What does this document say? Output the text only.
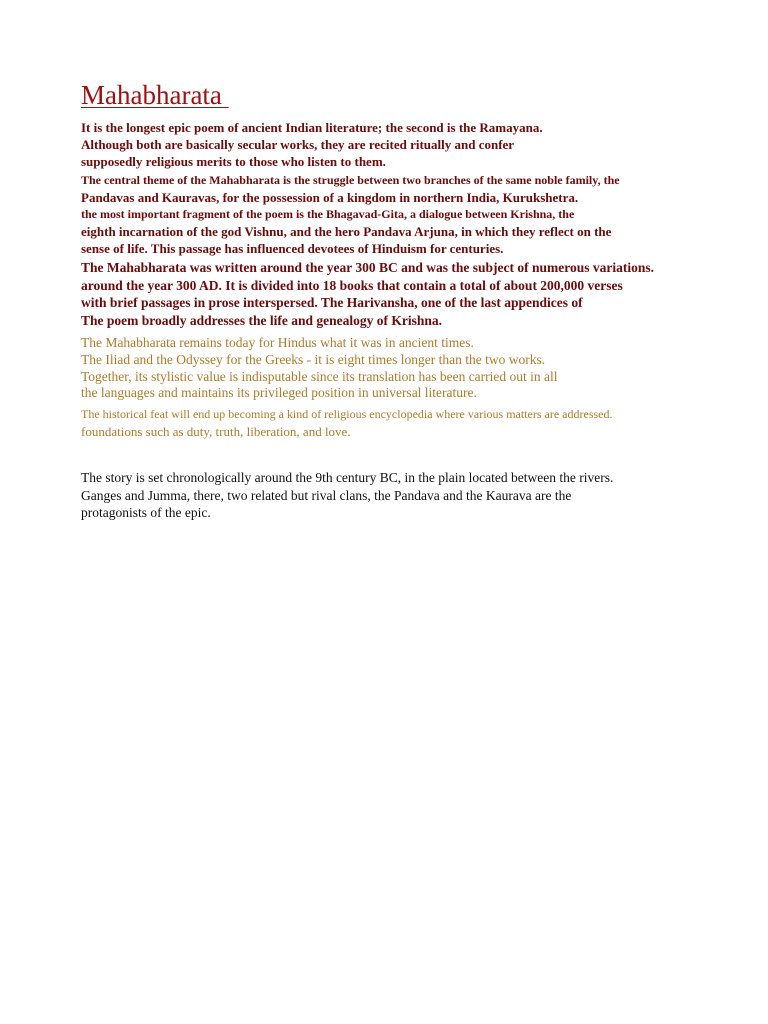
Mahabharata
It is the longest epic poem of ancient Indian literature; the second is the Ramayana.
Although both are basically secular works, they are recited ritually and confer
supposedly religious merits to those who listen to them.
The central theme of the Mahabharata is the struggle between two branches of the same noble family, the
Pandavas and Kauravas, for the possession of a kingdom in northern India, Kurukshetra.
the most important fragment of the poem is the Bhagavad-Gita, a dialogue between Krishna, the
eighth incarnation of the god Vishnu, and the hero Pandava Arjuna, in which they reflect on the
sense of life. This passage has influenced devotees of Hinduism for centuries.
The Mahabharata was written around the year 300 BC and was the subject of numerous variations.
around the year 300 AD. It is divided into 18 books that contain a total of about 200,000 verses
with brief passages in prose interspersed. The Harivansha, one of the last appendices of
The poem broadly addresses the life and genealogy of Krishna.
The Mahabharata remains today for Hindus what it was in ancient times.
The Iliad and the Odyssey for the Greeks - it is eight times longer than the two works.
Together, its stylistic value is indisputable since its translation has been carried out in all
the languages and maintains its privileged position in universal literature.
The historical feat will end up becoming a kind of religious encyclopedia where various matters are addressed.
foundations such as duty, truth, liberation, and love.
The story is set chronologically around the 9th century BC, in the plain located between the rivers.
Ganges and Jumma, there, two related but rival clans, the Pandava and the Kaurava are the
protagonists of the epic.
